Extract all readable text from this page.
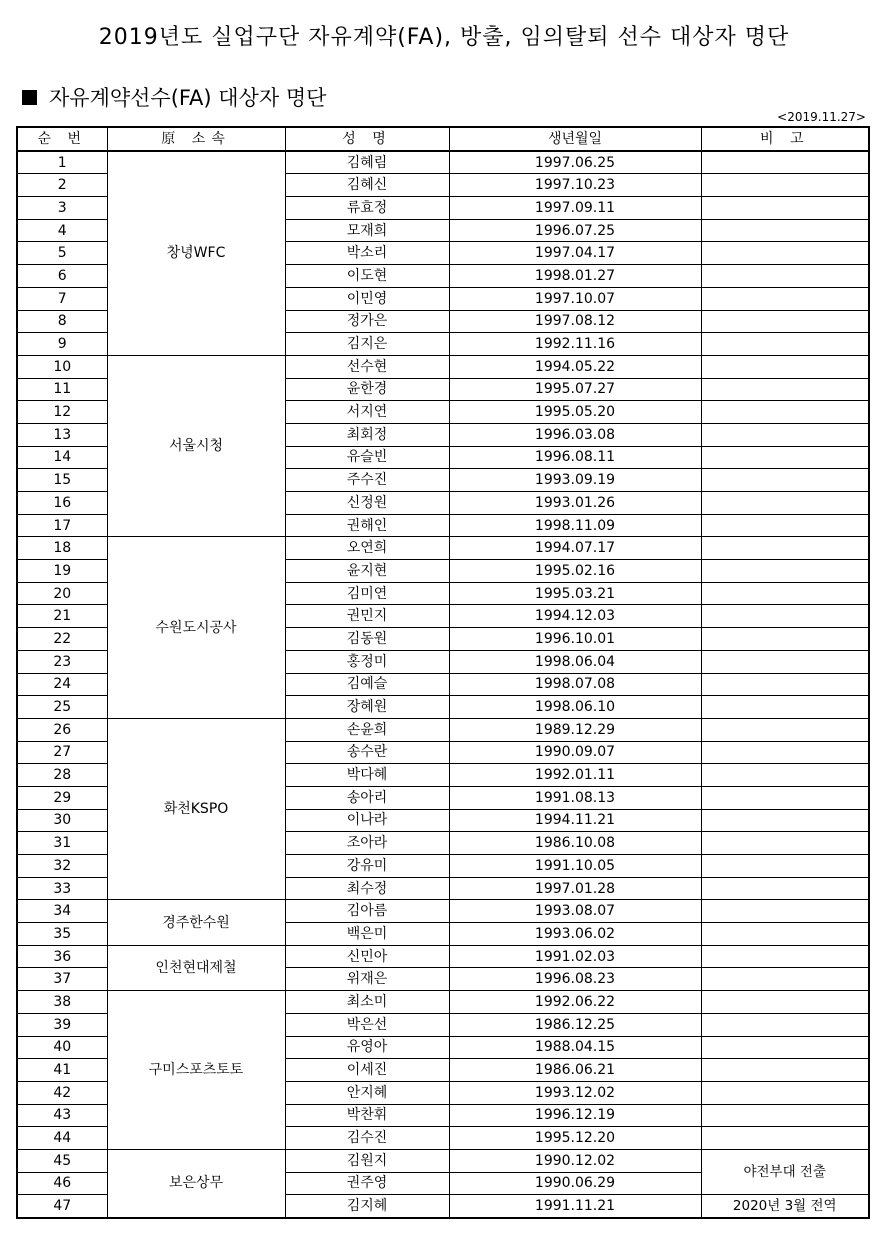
2019년도 실업구단 자유계약(FA), 방출, 임의탈퇴 선수 대상자 명단
자유계약선수(FA) 대상자 명단
<2019.11.27>
순 번	原 소속	성 명	생년월일	비 고
1	창녕WFC	김혜림	1997.06.25	
2		김혜신	1997.10.23	
3		류효정	1997.09.11	
4		모재희	1996.07.25	
5		박소리	1997.04.17	
6		이도현	1998.01.27	
7		이민영	1997.10.07	
8		정가은	1997.08.12	
9		김지은	1992.11.16	
10	서울시청	선수현	1994.05.22	
11		윤한경	1995.07.27	
12		서지연	1995.05.20	
13		최회정	1996.03.08	
14		유슬빈	1996.08.11	
15		주수진	1993.09.19	
16		신정원	1993.01.26	
17		권해인	1998.11.09	
18	수원도시공사	오연희	1994.07.17	
19		윤지현	1995.02.16	
20		김미연	1995.03.21	
21		권민지	1994.12.03	
22		김동원	1996.10.01	
23		홍정미	1998.06.04	
24		김예슬	1998.07.08	
25		장혜원	1998.06.10	
26	화천KSPO	손윤희	1989.12.29	
27		송수란	1990.09.07	
28		박다혜	1992.01.11	
29		송아리	1991.08.13	
30		이나라	1994.11.21	
31		조아라	1986.10.08	
32		강유미	1991.10.05	
33		최수정	1997.01.28	
34	경주한수원	김아름	1993.08.07	
35		백은미	1993.06.02	
36	인천현대제철	신민아	1991.02.03	
37		위재은	1996.08.23	
38	구미스포츠토토	최소미	1992.06.22	
39		박은선	1986.12.25	
40		유영아	1988.04.15	
41		이세진	1986.06.21	
42		안지혜	1993.12.02	
43		박찬휘	1996.12.19	
44		김수진	1995.12.20	
45	보은상무	김원지	1990.12.02	야전부대 전출
46		권주영	1990.06.29	
47		김지혜	1991.11.21	2020년 3월 전역
